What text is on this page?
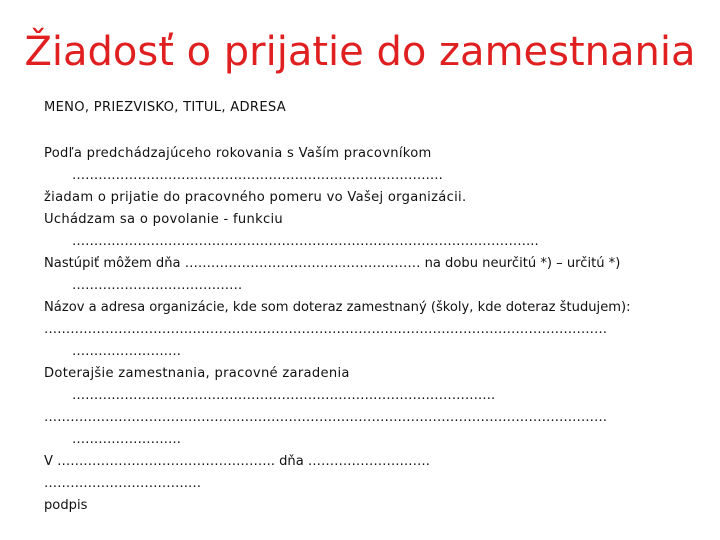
Žiadosť o prijatie do zamestnania
MENO, PRIEZVISKO, TITUL, ADRESA
Podľa predchádzajúceho rokovania s Vaším pracovníkom
………………………………………………………………………….
žiadam o prijatie do pracovného pomeru vo Vašej organizácii.
Uchádzam sa o povolanie - funkciu
……………………………………………………………………………………………..
Nastúpiť môžem dňa ……………………………………………… na dobu neurčitú *) – určitú *)
…………………………………
Názov a adresa organizácie, kde som doteraz zamestnaný (školy, kde doteraz študujem):
…………………………………………………………………………………………………………………
…………………….
Doterajšie zamestnania, pracovné zaradenia
…………………………………………………………………………………….
…………………………………………………………………………………………………………………
…………………….
V ………………………………………….. dňa ……………………….
………………………………
podpis
